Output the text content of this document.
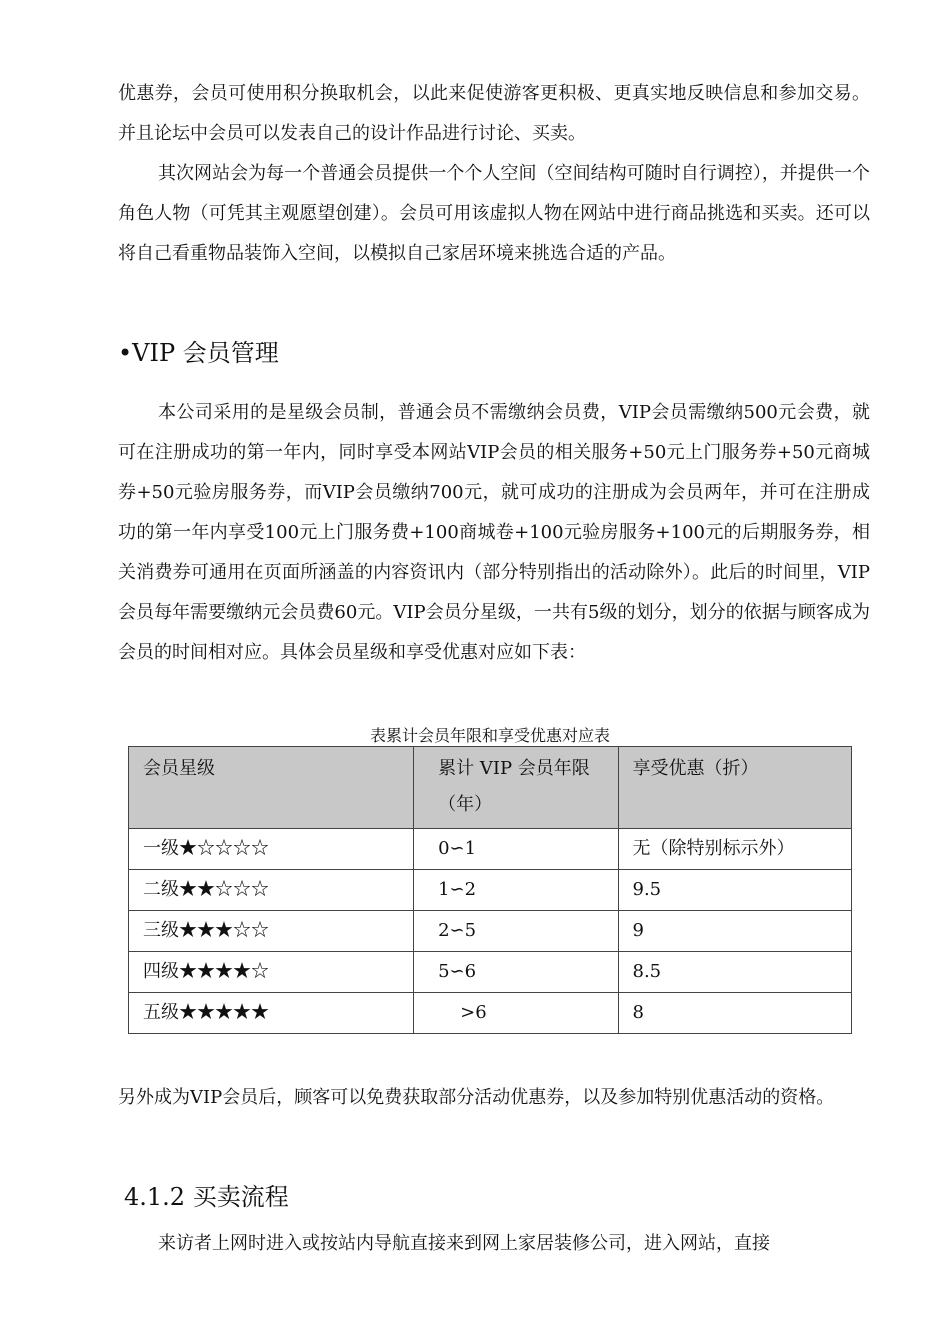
优惠券，会员可使用积分换取机会，以此来促使游客更积极、更真实地反映信息和参加交易。并且论坛中会员可以发表自己的设计作品进行讨论、买卖。

其次网站会为每一个普通会员提供一个个人空间（空间结构可随时自行调控），并提供一个角色人物（可凭其主观愿望创建）。会员可用该虚拟人物在网站中进行商品挑选和买卖。还可以将自己看重物品装饰入空间，以模拟自己家居环境来挑选合适的产品。

•VIP 会员管理

本公司采用的是星级会员制，普通会员不需缴纳会员费，VIP会员需缴纳500元会费，就可在注册成功的第一年内，同时享受本网站VIP会员的相关服务+50元上门服务券+50元商城券+50元验房服务券，而VIP会员缴纳700元，就可成功的注册成为会员两年，并可在注册成功的第一年内享受100元上门服务费+100商城卷+100元验房服务+100元的后期服务券，相关消费券可通用在页面所涵盖的内容资讯内（部分特别指出的活动除外）。此后的时间里，VIP会员每年需要缴纳元会员费60元。VIP会员分星级，一共有5级的划分，划分的依据与顾客成为会员的时间相对应。具体会员星级和享受优惠对应如下表：

表累计会员年限和享受优惠对应表

会员星级	累计 VIP 会员年限（年）	享受优惠（折）
一级★☆☆☆☆	0∽1	无（除特别标示外）
二级★★☆☆☆	1∽2	9.5
三级★★★☆☆	2∽5	9
四级★★★★☆	5∽6	8.5
五级★★★★★	>6	8

另外成为VIP会员后，顾客可以免费获取部分活动优惠券，以及参加特别优惠活动的资格。

4.1.2 买卖流程

来访者上网时进入或按站内导航直接来到网上家居装修公司，进入网站，直接
